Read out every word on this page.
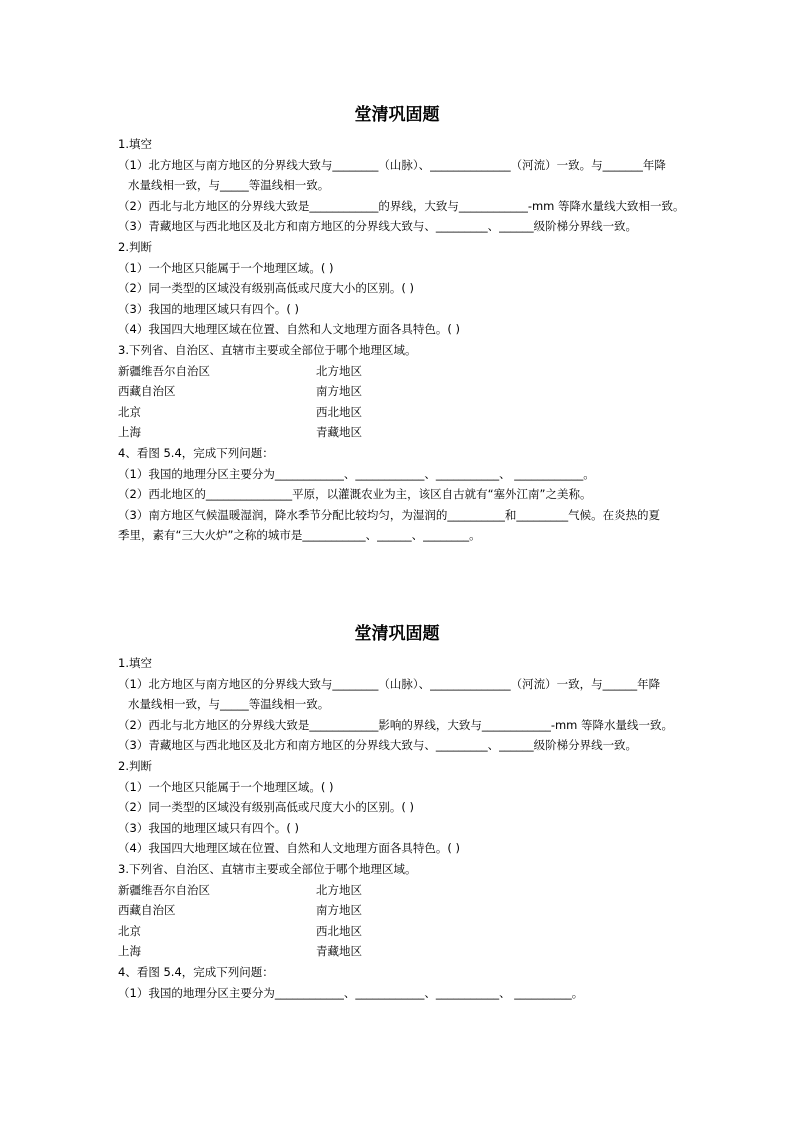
堂清巩固题
1.填空
（1）北方地区与南方地区的分界线大致与________（山脉）、______________（河流）一致。与_______年降
水量线相一致，与_____等温线相一致。
（2）西北与北方地区的分界线大致是____________的界线，大致与____________-mm 等降水量线大致相一致。
（3）青藏地区与西北地区及北方和南方地区的分界线大致与、_________、______级阶梯分界线一致。
2.判断
（1）一个地区只能属于一个地理区域。( )
（2）同一类型的区域没有级别高低或尺度大小的区别。( )
（3）我国的地理区域只有四个。( )
（4）我国四大地理区域在位置、自然和人文地理方面各具特色。( )
3.下列省、自治区、直辖市主要或全部位于哪个地理区域。
新疆维吾尔自治区	北方地区
西藏自治区	南方地区
北京	西北地区
上海	青藏地区
4、看图 5.4，完成下列问题：
（1）我国的地理分区主要分为____________、____________、___________、 ____________。
（2）西北地区的_______________平原，以灌溉农业为主，该区自古就有“塞外江南”之美称。
（3）南方地区气候温暖湿润，降水季节分配比较均匀，为湿润的__________和_________气候。在炎热的夏
季里，素有“三大火炉”之称的城市是___________、______、________。
堂清巩固题
1.填空
（1）北方地区与南方地区的分界线大致与________（山脉）、______________（河流）一致，与______年降
水量线相一致，与_____等温线相一致。
（2）西北与北方地区的分界线大致是____________影响的界线，大致与____________-mm 等降水量线一致。
（3）青藏地区与西北地区及北方和南方地区的分界线大致与、_________、______级阶梯分界线一致。
2.判断
（1）一个地区只能属于一个地理区域。( )
（2）同一类型的区域没有级别高低或尺度大小的区别。( )
（3）我国的地理区域只有四个。( )
（4）我国四大地理区域在位置、自然和人文地理方面各具特色。( )
3.下列省、自治区、直辖市主要或全部位于哪个地理区域。
新疆维吾尔自治区	北方地区
西藏自治区	南方地区
北京	西北地区
上海	青藏地区
4、看图 5.4，完成下列问题：
（1）我国的地理分区主要分为____________、____________、___________、 __________。
